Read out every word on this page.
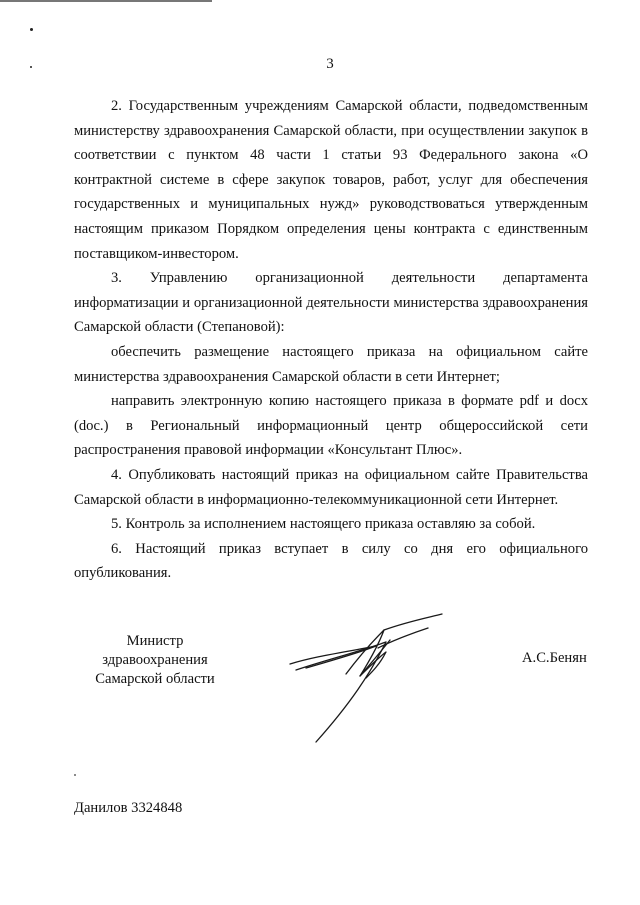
3

2. Государственным учреждениям Самарской области, подведомственным министерству здравоохранения Самарской области, при осуществлении закупок в соответствии с пунктом 48 части 1 статьи 93 Федерального закона «О контрактной системе в сфере закупок товаров, работ, услуг для обеспечения государственных и муниципальных нужд» руководствоваться утвержденным настоящим приказом Порядком определения цены контракта с единственным поставщиком-инвестором.

3. Управлению организационной деятельности департамента информатизации и организационной деятельности министерства здравоохранения Самарской области (Степановой):

обеспечить размещение настоящего приказа на официальном сайте министерства здравоохранения Самарской области в сети Интернет;

направить электронную копию настоящего приказа в формате pdf и docx (doc.) в Региональный информационный центр общероссийской сети распространения правовой информации «Консультант Плюс».

4. Опубликовать настоящий приказ на официальном сайте Правительства Самарской области в информационно-телекоммуникационной сети Интернет.

5. Контроль за исполнением настоящего приказа оставляю за собой.

6. Настоящий приказ вступает в силу со дня его официального опубликования.

Министр
здравоохранения
Самарской области
А.С.Бенян
Данилов 3324848
